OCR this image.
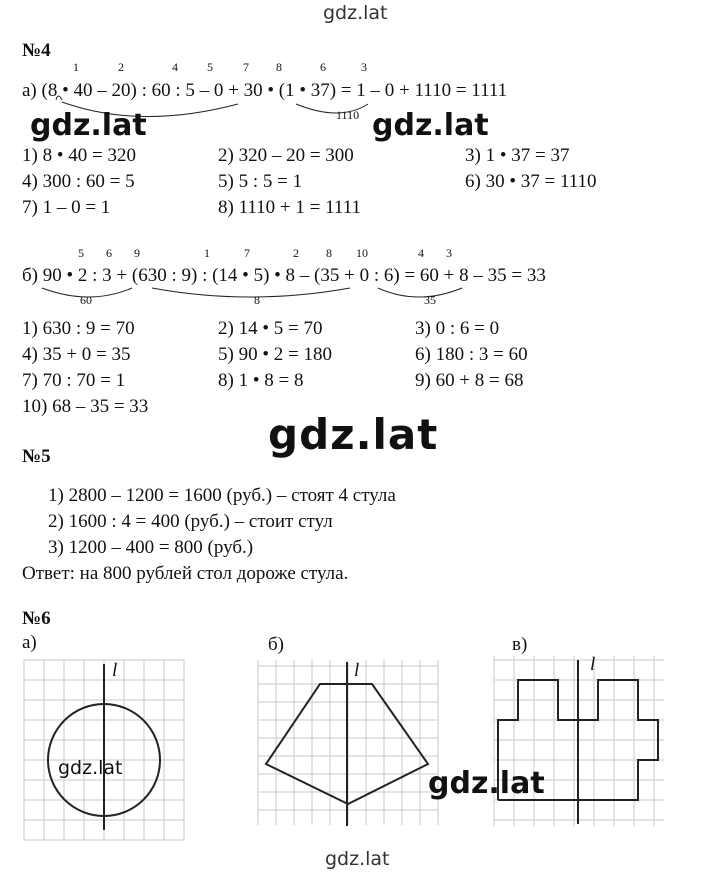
gdz.lat
№4
1	2	4 5	7 8	6	3
а) (8 • 40 – 20) : 60 : 5 – 0 + 30 • (1 • 37) = 1 – 0 + 1110 = 1111
1110
gdz.lat	gdz.lat
1) 8 • 40 = 320	2) 320 – 20 = 300	3) 1 • 37 = 37
4) 300 : 60 = 5	5) 5 : 5 = 1	6) 30 • 37 = 1110
7) 1 – 0 = 1	8) 1110 + 1 = 1111
5 6 9	1	7	2 8 10	4 3
б) 90 • 2 : 3 + (630 : 9) : (14 • 5) • 8 – (35 + 0 : 6) = 60 + 8 – 35 = 33
60	8	35
1) 630 : 9 = 70	2) 14 • 5 = 70	3) 0 : 6 = 0
4) 35 + 0 = 35	5) 90 • 2 = 180	6) 180 : 3 = 60
7) 70 : 70 = 1	8) 1 • 8 = 8	9) 60 + 8 = 68
10) 68 – 35 = 33
gdz.lat
№5
1) 2800 – 1200 = 1600 (руб.) – стоят 4 стула
2) 1600 : 4 = 400 (руб.) – стоит стул
3) 1200 – 400 = 800 (руб.)
Ответ: на 800 рублей стол дороже стула.
№6
а)	б)	в)
l
gdz.lat
l	l
gdz.lat
gdz.lat
